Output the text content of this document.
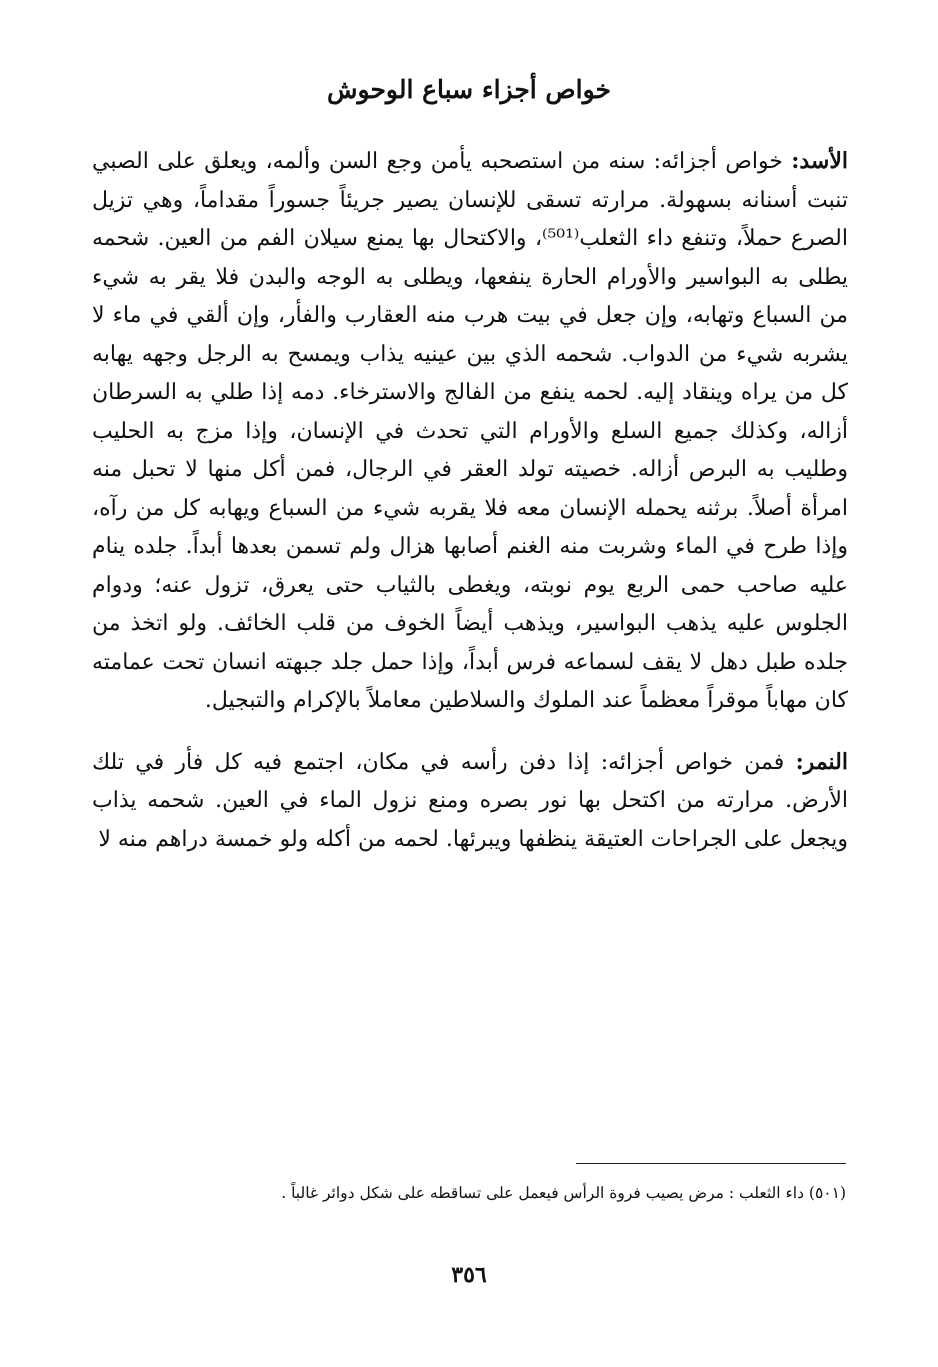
خواص أجزاء سباع الوحوش

الأسد: خواص أجزائه: سنه من استصحبه يأمن وجع السن وألمه، ويعلق على الصبي تنبت أسنانه بسهولة. مرارته تسقى للإنسان يصير جريئاً جسوراً مقداماً، وهي تزيل الصرع حملاً، وتنفع داء الثعلب⁽⁵⁰¹⁾، والاكتحال بها يمنع سيلان الفم من العين. شحمه يطلى به البواسير والأورام الحارة ينفعها، ويطلى به الوجه والبدن فلا يقر به شيء من السباع وتهابه، وإن جعل في بيت هرب منه العقارب والفأر، وإن ألقي في ماء لا يشربه شيء من الدواب. شحمه الذي بين عينيه يذاب ويمسح به الرجل وجهه يهابه كل من يراه وينقاد إليه. لحمه ينفع من الفالج والاسترخاء. دمه إذا طلي به السرطان أزاله، وكذلك جميع السلع والأورام التي تحدث في الإنسان، وإذا مزج به الحليب وطليب به البرص أزاله. خصيته تولد العقر في الرجال، فمن أكل منها لا تحبل منه امرأة أصلاً. برثنه يحمله الإنسان معه فلا يقربه شيء من السباع ويهابه كل من رآه، وإذا طرح في الماء وشربت منه الغنم أصابها هزال ولم تسمن بعدها أبداً. جلده ينام عليه صاحب حمى الربع يوم نوبته، ويغطى بالثياب حتى يعرق، تزول عنه؛ ودوام الجلوس عليه يذهب البواسير، ويذهب أيضاً الخوف من قلب الخائف. ولو اتخذ من جلده طبل دهل لا يقف لسماعه فرس أبداً، وإذا حمل جلد جبهته انسان تحت عمامته كان مهاباً موقراً معظماً عند الملوك والسلاطين معاملاً بالإكرام والتبجيل.

النمر: فمن خواص أجزائه: إذا دفن رأسه في مكان، اجتمع فيه كل فأر في تلك الأرض. مرارته من اكتحل بها نور بصره ومنع نزول الماء في العين. شحمه يذاب ويجعل على الجراحات العتيقة ينظفها ويبرئها. لحمه من أكله ولو خمسة دراهم منه لا

(٥٠١) داء الثعلب : مرض يصيب فروة الرأس فيعمل على تساقطه على شكل دوائر غالباً .
٣٥٦
